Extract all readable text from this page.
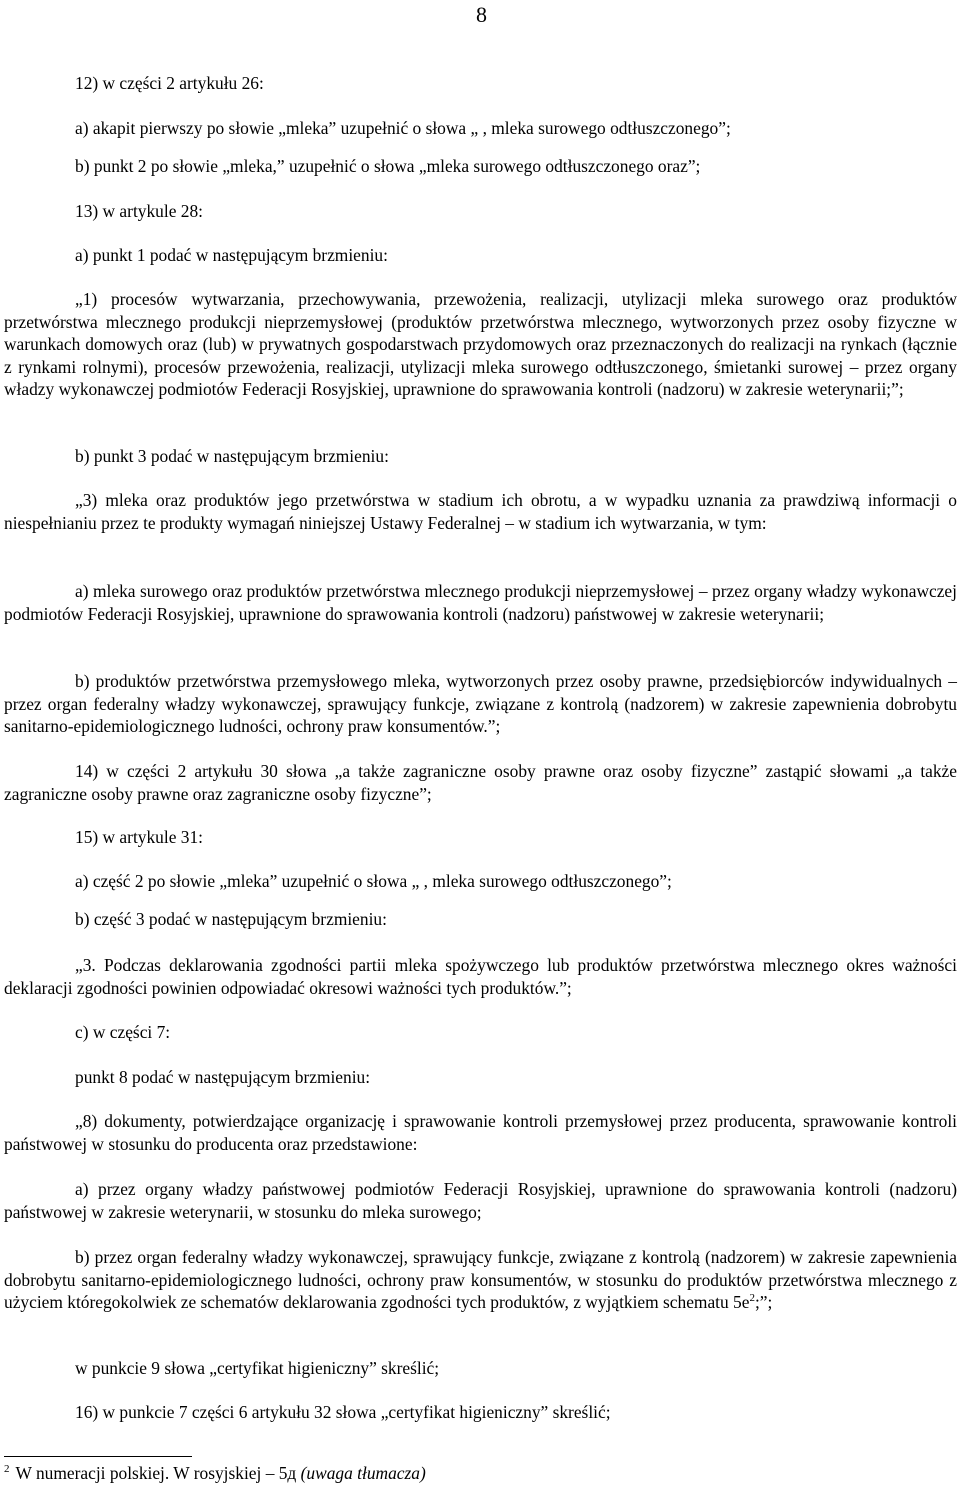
8
12) w części 2 artykułu 26:
a) akapit pierwszy po słowie „mleka” uzupełnić o słowa „ , mleka surowego odtłuszczonego”;
b) punkt 2 po słowie „mleka,” uzupełnić o słowa „mleka surowego odtłuszczonego oraz”;
13) w artykule 28:
a) punkt 1 podać w następującym brzmieniu:
„1) procesów wytwarzania, przechowywania, przewożenia, realizacji, utylizacji mleka surowego oraz produktów przetwórstwa mlecznego produkcji nieprzemysłowej (produktów przetwórstwa mlecznego, wytworzonych przez osoby fizyczne w warunkach domowych oraz (lub) w prywatnych gospodarstwach przydomowych oraz przeznaczonych do realizacji na rynkach (łącznie z rynkami rolnymi), procesów przewożenia, realizacji, utylizacji mleka surowego odtłuszczonego, śmietanki surowej – przez organy władzy wykonawczej podmiotów Federacji Rosyjskiej, uprawnione do sprawowania kontroli (nadzoru) w zakresie weterynarii;”;
b) punkt 3 podać w następującym brzmieniu:
„3) mleka oraz produktów jego przetwórstwa w stadium ich obrotu, a w wypadku uznania za prawdziwą informacji o niespełnianiu przez te produkty wymagań niniejszej Ustawy Federalnej – w stadium ich wytwarzania, w tym:
a) mleka surowego oraz produktów przetwórstwa mlecznego produkcji nieprzemysłowej – przez organy władzy wykonawczej podmiotów Federacji Rosyjskiej, uprawnione do sprawowania kontroli (nadzoru) państwowej w zakresie weterynarii;
b) produktów przetwórstwa przemysłowego mleka, wytworzonych przez osoby prawne, przedsiębiorców indywidualnych – przez organ federalny władzy wykonawczej, sprawujący funkcje, związane z kontrolą (nadzorem) w zakresie zapewnienia dobrobytu sanitarno-epidemiologicznego ludności, ochrony praw konsumentów.”;
14) w części 2 artykułu 30 słowa „a także zagraniczne osoby prawne oraz osoby fizyczne” zastąpić słowami „a także zagraniczne osoby prawne oraz zagraniczne osoby fizyczne”;
15) w artykule 31:
a) część 2 po słowie „mleka” uzupełnić o słowa „ , mleka surowego odtłuszczonego”;
b) część 3 podać w następującym brzmieniu:
„3. Podczas deklarowania zgodności partii mleka spożywczego lub produktów przetwórstwa mlecznego okres ważności deklaracji zgodności powinien odpowiadać okresowi ważności tych produktów.”;
c) w części 7:
punkt 8 podać w następującym brzmieniu:
„8) dokumenty, potwierdzające organizację i sprawowanie kontroli przemysłowej przez producenta, sprawowanie kontroli państwowej w stosunku do producenta oraz przedstawione:
a) przez organy władzy państwowej podmiotów Federacji Rosyjskiej, uprawnione do sprawowania kontroli (nadzoru) państwowej w zakresie weterynarii, w stosunku do mleka surowego;
b) przez organ federalny władzy wykonawczej, sprawujący funkcje, związane z kontrolą (nadzorem) w zakresie zapewnienia dobrobytu sanitarno-epidemiologicznego ludności, ochrony praw konsumentów, w stosunku do produktów przetwórstwa mlecznego z użyciem któregokolwiek ze schematów deklarowania zgodności tych produktów, z wyjątkiem schematu $5e^2$;”;
w punkcie 9 słowa „certyfikat higieniczny” skreślić;
16) w punkcie 7 części 6 artykułu 32 słowa „certyfikat higieniczny” skreślić;
$^2$ W numeracji polskiej. W rosyjskiej – 5д (uwaga tłumacza)
